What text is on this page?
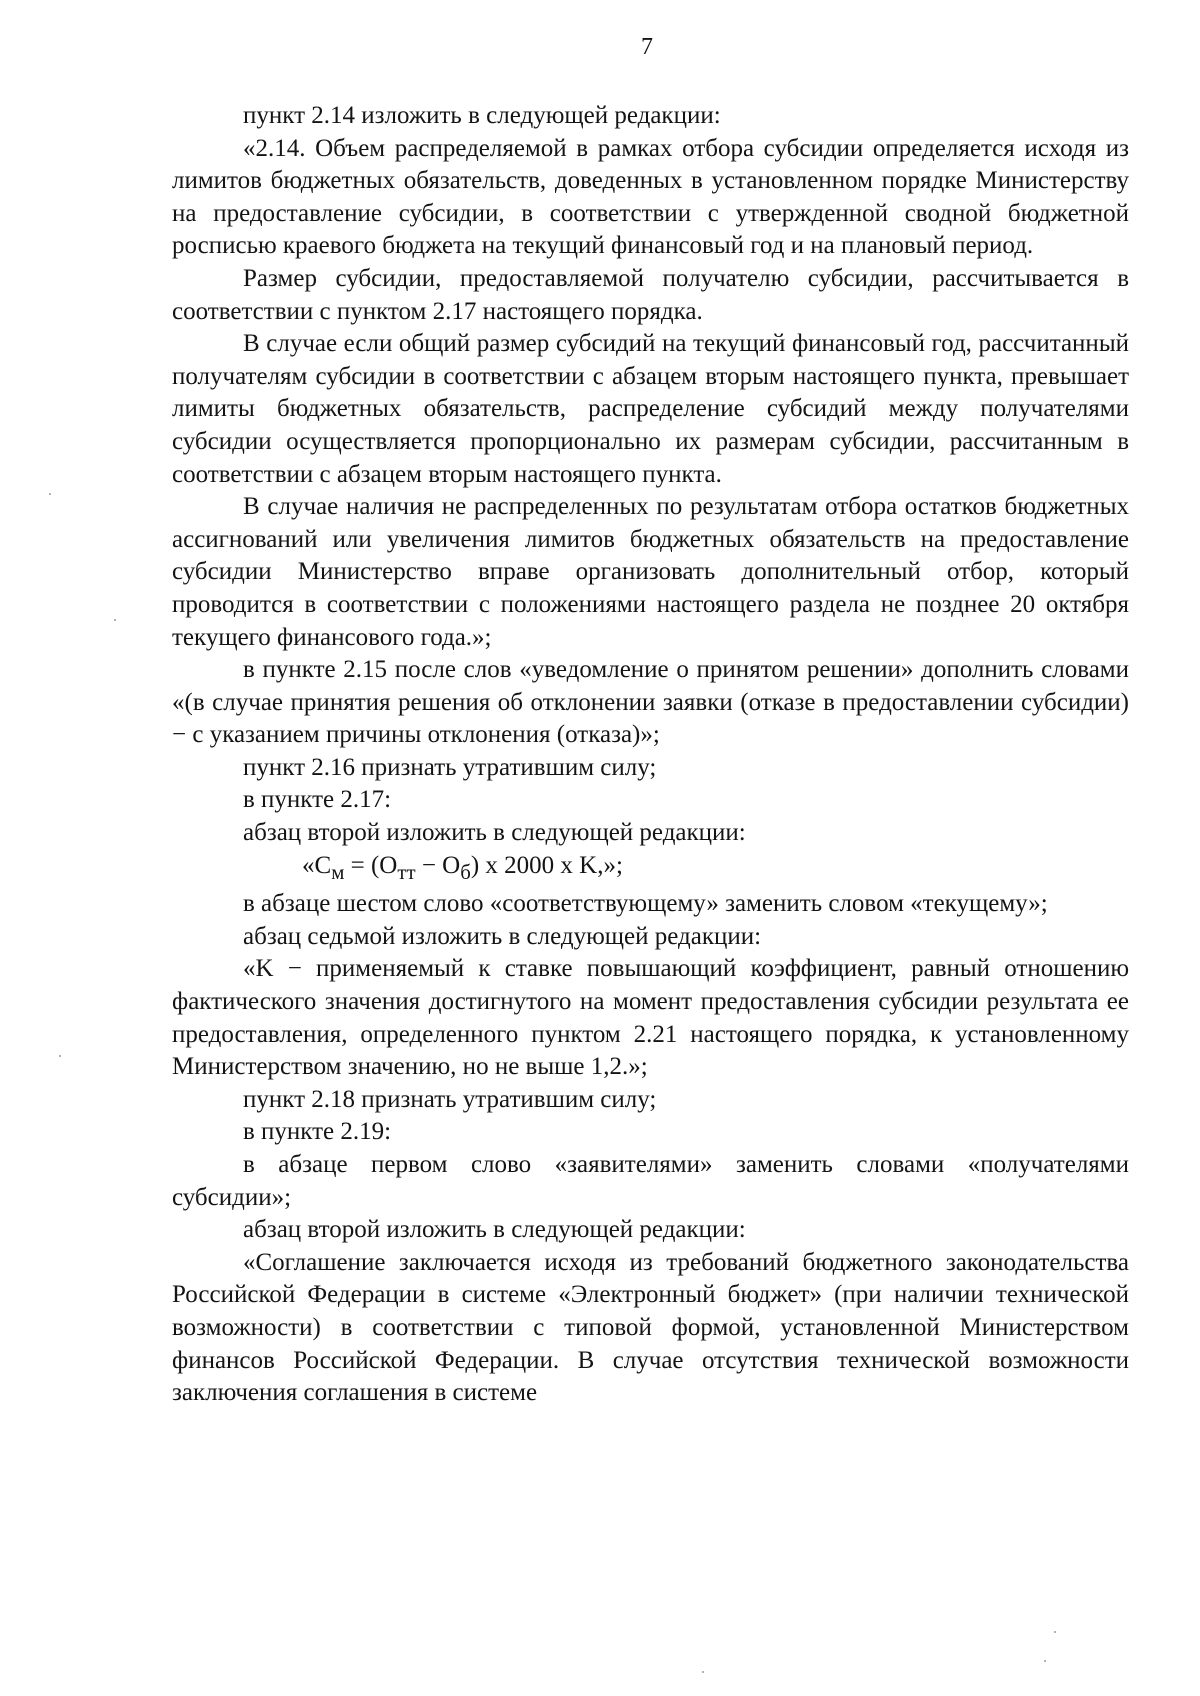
7

пункт 2.14 изложить в следующей редакции:

«2.14. Объем распределяемой в рамках отбора субсидии определяется исходя из лимитов бюджетных обязательств, доведенных в установленном порядке Министерству на предоставление субсидии, в соответствии с утвержденной сводной бюджетной росписью краевого бюджета на текущий финансовый год и на плановый период.

Размер субсидии, предоставляемой получателю субсидии, рассчитывается в соответствии с пунктом 2.17 настоящего порядка.

В случае если общий размер субсидий на текущий финансовый год, рассчитанный получателям субсидии в соответствии с абзацем вторым настоящего пункта, превышает лимиты бюджетных обязательств, распределение субсидий между получателями субсидии осуществляется пропорционально их размерам субсидии, рассчитанным в соответствии с абзацем вторым настоящего пункта.

В случае наличия не распределенных по результатам отбора остатков бюджетных ассигнований или увеличения лимитов бюджетных обязательств на предоставление субсидии Министерство вправе организовать дополнительный отбор, который проводится в соответствии с положениями настоящего раздела не позднее 20 октября текущего финансового года.»;

в пункте 2.15 после слов «уведомление о принятом решении» дополнить словами «(в случае принятия решения об отклонении заявки (отказе в предоставлении субсидии) − с указанием причины отклонения (отказа)»;

пункт 2.16 признать утратившим силу;

в пункте 2.17:

абзац второй изложить в следующей редакции:

«$С_м = (О_{тт} - О_б)$ x 2000 x K,»;

в абзаце шестом слово «соответствующему» заменить словом «текущему»;

абзац седьмой изложить в следующей редакции:

«K − применяемый к ставке повышающий коэффициент, равный отношению фактического значения достигнутого на момент предоставления субсидии результата ее предоставления, определенного пунктом 2.21 настоящего порядка, к установленному Министерством значению, но не выше 1,2.»;

пункт 2.18 признать утратившим силу;

в пункте 2.19:

в абзаце первом слово «заявителями» заменить словами «получателями субсидии»;

абзац второй изложить в следующей редакции:

«Соглашение заключается исходя из требований бюджетного законодательства Российской Федерации в системе «Электронный бюджет» (при наличии технической возможности) в соответствии с типовой формой, установленной Министерством финансов Российской Федерации. В случае отсутствия технической возможности заключения соглашения в системе
